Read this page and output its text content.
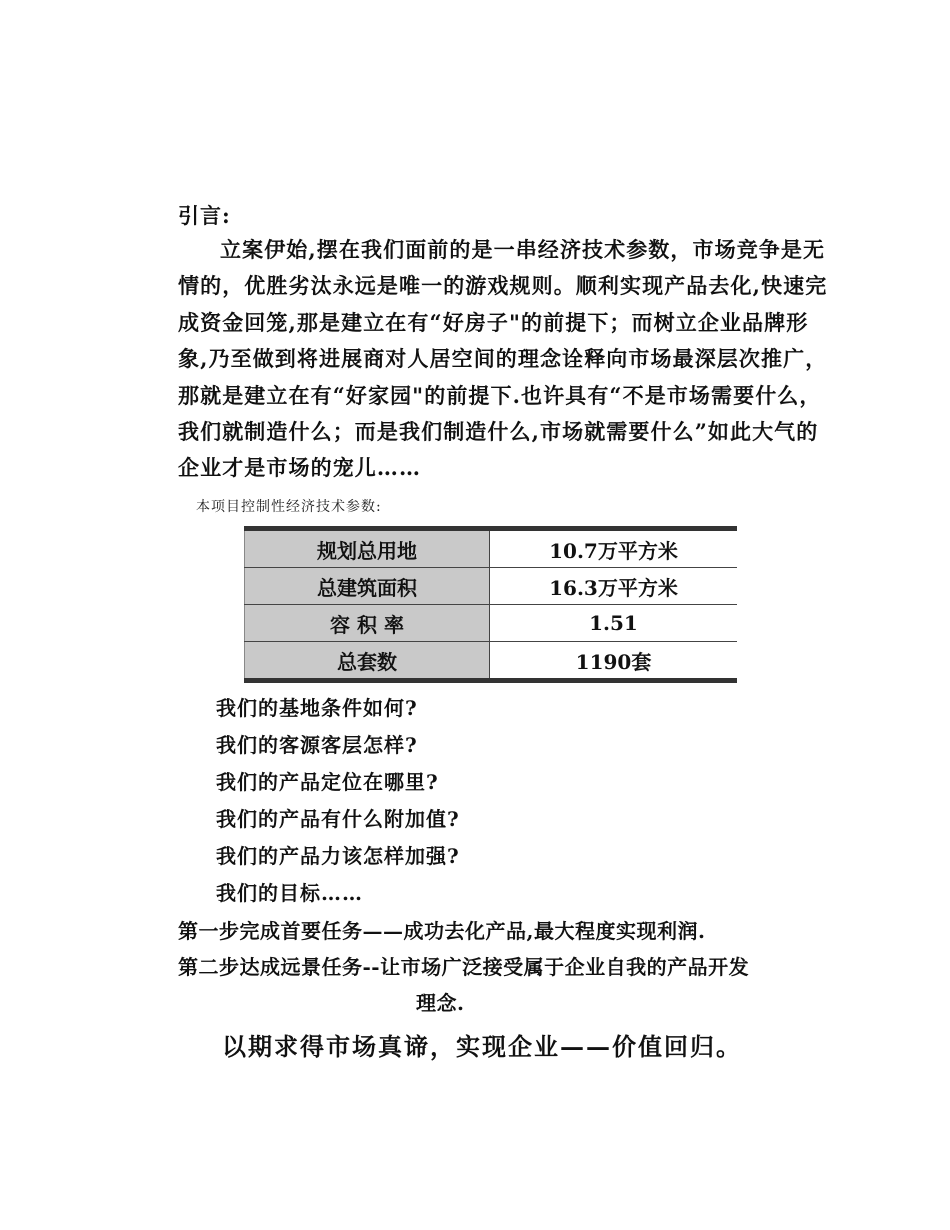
引言:
立案伊始,摆在我们面前的是一串经济技术参数，市场竞争是无
情的，优胜劣汰永远是唯一的游戏规则。顺利实现产品去化,快速完
成资金回笼,那是建立在有“好房子"的前提下；而树立企业品牌形
象,乃至做到将进展商对人居空间的理念诠释向市场最深层次推广，
那就是建立在有“好家园"的前提下.也许具有“不是市场需要什么，
我们就制造什么；而是我们制造什么,市场就需要什么”如此大气的
企业才是市场的宠儿……
本项目控制性经济技术参数:
规划总用地	10.7万平方米
总建筑面积	16.3万平方米
容 积 率	1.51
总套数	1190套
我们的基地条件如何?
我们的客源客层怎样?
我们的产品定位在哪里?
我们的产品有什么附加值?
我们的产品力该怎样加强?
我们的目标……
第一步完成首要任务——成功去化产品,最大程度实现利润.
第二步达成远景任务--让市场广泛接受属于企业自我的产品开发
理念.
以期求得市场真谛，实现企业——价值回归。
